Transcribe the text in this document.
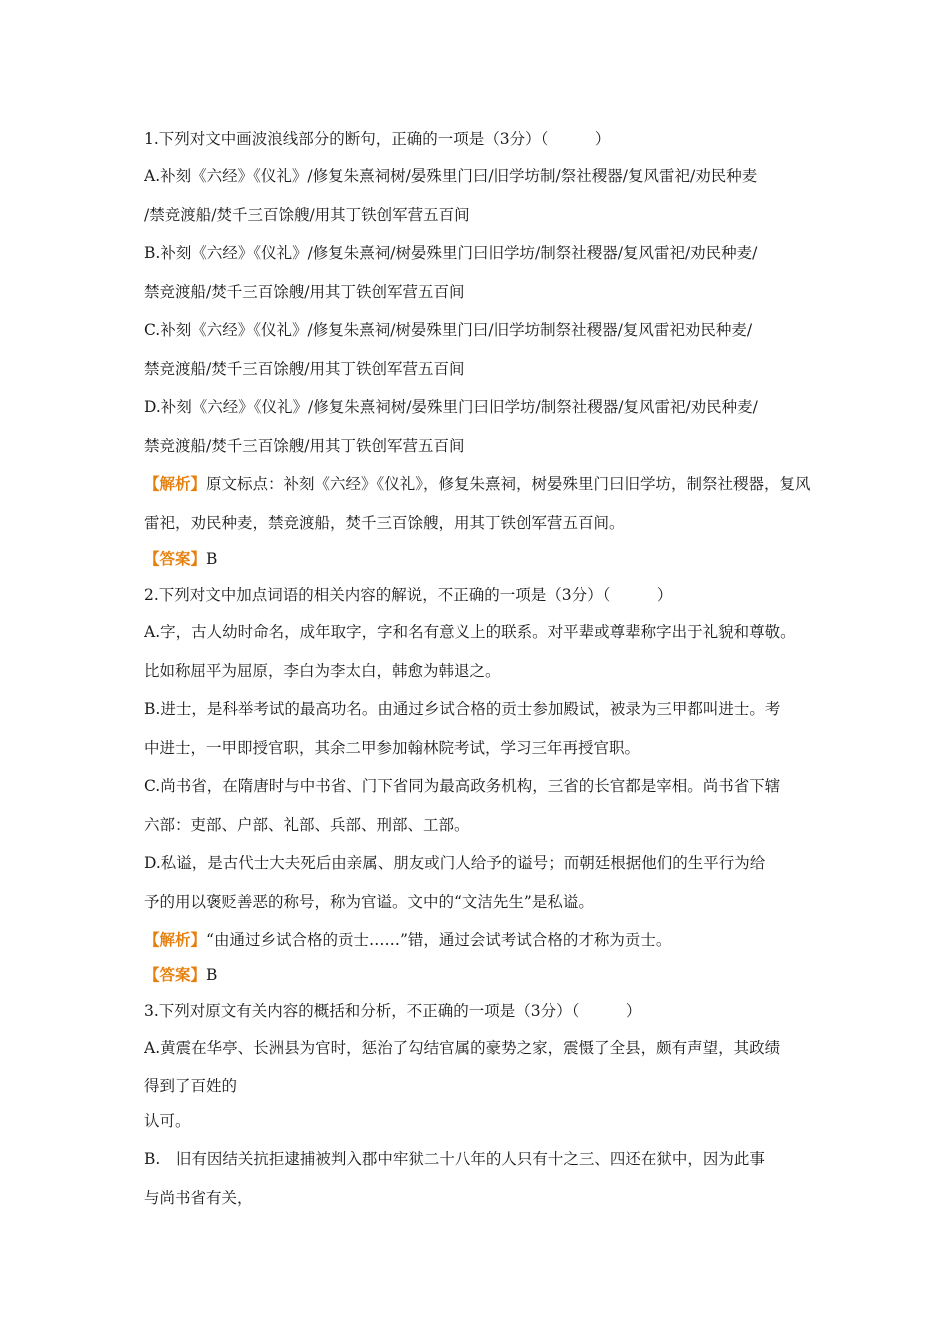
1.下列对文中画波浪线部分的断句，正确的一项是（3分）（　　　）
A.补刻《六经》《仪礼》/修复朱熹祠树/晏殊里门曰/旧学坊制/祭社稷器/复风雷祀/劝民种麦
/禁竞渡船/焚千三百馀艘/用其丁铁创军营五百间
B.补刻《六经》《仪礼》/修复朱熹祠/树晏殊里门曰旧学坊/制祭社稷器/复风雷祀/劝民种麦/
禁竞渡船/焚千三百馀艘/用其丁铁创军营五百间
C.补刻《六经》《仪礼》/修复朱熹祠/树晏殊里门曰/旧学坊制祭社稷器/复风雷祀劝民种麦/
禁竞渡船/焚千三百馀艘/用其丁铁创军营五百间
D.补刻《六经》《仪礼》/修复朱熹祠树/晏殊里门曰旧学坊/制祭社稷器/复风雷祀/劝民种麦/
禁竞渡船/焚千三百馀艘/用其丁铁创军营五百间
【解析】原文标点：补刻《六经》《仪礼》，修复朱熹祠，树晏殊里门曰旧学坊，制祭社稷器，复风
雷祀，劝民种麦，禁竞渡船，焚千三百馀艘，用其丁铁创军营五百间。
【答案】B
2.下列对文中加点词语的相关内容的解说，不正确的一项是（3分）（　　　）
A.字，古人幼时命名，成年取字，字和名有意义上的联系。对平辈或尊辈称字出于礼貌和尊敬。
比如称屈平为屈原，李白为李太白，韩愈为韩退之。
B.进士，是科举考试的最高功名。由通过乡试合格的贡士参加殿试，被录为三甲都叫进士。考
中进士，一甲即授官职，其余二甲参加翰林院考试，学习三年再授官职。
C.尚书省，在隋唐时与中书省、门下省同为最高政务机构，三省的长官都是宰相。尚书省下辖
六部：吏部、户部、礼部、兵部、刑部、工部。
D.私谥，是古代士大夫死后由亲属、朋友或门人给予的谥号；而朝廷根据他们的生平行为给
予的用以褒贬善恶的称号，称为官谥。文中的“文洁先生”是私谥。
【解析】“由通过乡试合格的贡士……”错，通过会试考试合格的才称为贡士。
【答案】B
3.下列对原文有关内容的概括和分析，不正确的一项是（3分）（　　　）
A.黄震在华亭、长洲县为官时，惩治了勾结官属的豪势之家，震慑了全县，颇有声望，其政绩
得到了百姓的
认可。
B.　旧有因结关抗拒逮捕被判入郡中牢狱二十八年的人只有十之三、四还在狱中，因为此事
与尚书省有关，
